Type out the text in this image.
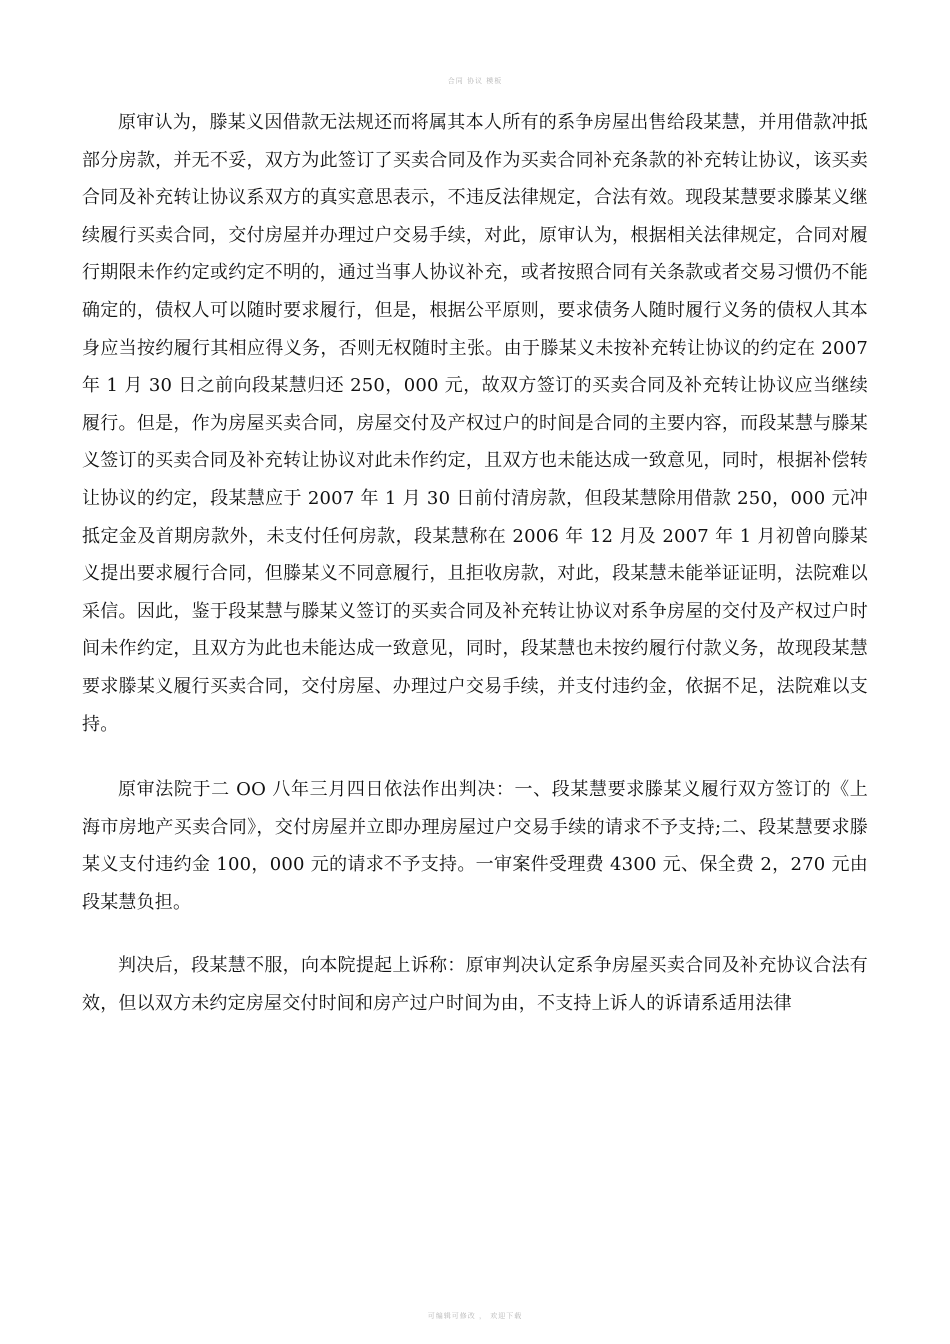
合同 协议 模板

原审认为，滕某义因借款无法规还而将属其本人所有的系争房屋出售给段某慧，并用借款冲抵部分房款，并无不妥，双方为此签订了买卖合同及作为买卖合同补充条款的补充转让协议，该买卖合同及补充转让协议系双方的真实意思表示，不违反法律规定，合法有效。现段某慧要求滕某义继续履行买卖合同，交付房屋并办理过户交易手续，对此，原审认为，根据相关法律规定，合同对履行期限未作约定或约定不明的，通过当事人协议补充，或者按照合同有关条款或者交易习惯仍不能确定的，债权人可以随时要求履行，但是，根据公平原则，要求债务人随时履行义务的债权人其本身应当按约履行其相应得义务，否则无权随时主张。由于滕某义未按补充转让协议的约定在 2007 年 1 月 30 日之前向段某慧归还 250，000 元，故双方签订的买卖合同及补充转让协议应当继续履行。但是，作为房屋买卖合同，房屋交付及产权过户的时间是合同的主要内容，而段某慧与滕某义签订的买卖合同及补充转让协议对此未作约定，且双方也未能达成一致意见，同时，根据补偿转让协议的约定，段某慧应于 2007 年 1 月 30 日前付清房款，但段某慧除用借款 250，000 元冲抵定金及首期房款外，未支付任何房款，段某慧称在 2006 年 12 月及 2007 年 1 月初曾向滕某义提出要求履行合同，但滕某义不同意履行，且拒收房款，对此，段某慧未能举证证明，法院难以采信。因此，鉴于段某慧与滕某义签订的买卖合同及补充转让协议对系争房屋的交付及产权过户时间未作约定，且双方为此也未能达成一致意见，同时，段某慧也未按约履行付款义务，故现段某慧要求滕某义履行买卖合同，交付房屋、办理过户交易手续，并支付违约金，依据不足，法院难以支持。

原审法院于二 OO 八年三月四日依法作出判决：一、段某慧要求滕某义履行双方签订的《上海市房地产买卖合同》，交付房屋并立即办理房屋过户交易手续的请求不予支持;二、段某慧要求滕某义支付违约金 100，000 元的请求不予支持。一审案件受理费 4300 元、保全费 2，270 元由段某慧负担。

判决后，段某慧不服，向本院提起上诉称：原审判决认定系争房屋买卖合同及补充协议合法有效，但以双方未约定房屋交付时间和房产过户时间为由，不支持上诉人的诉请系适用法律

可编辑可修改 ， 欢迎下载
